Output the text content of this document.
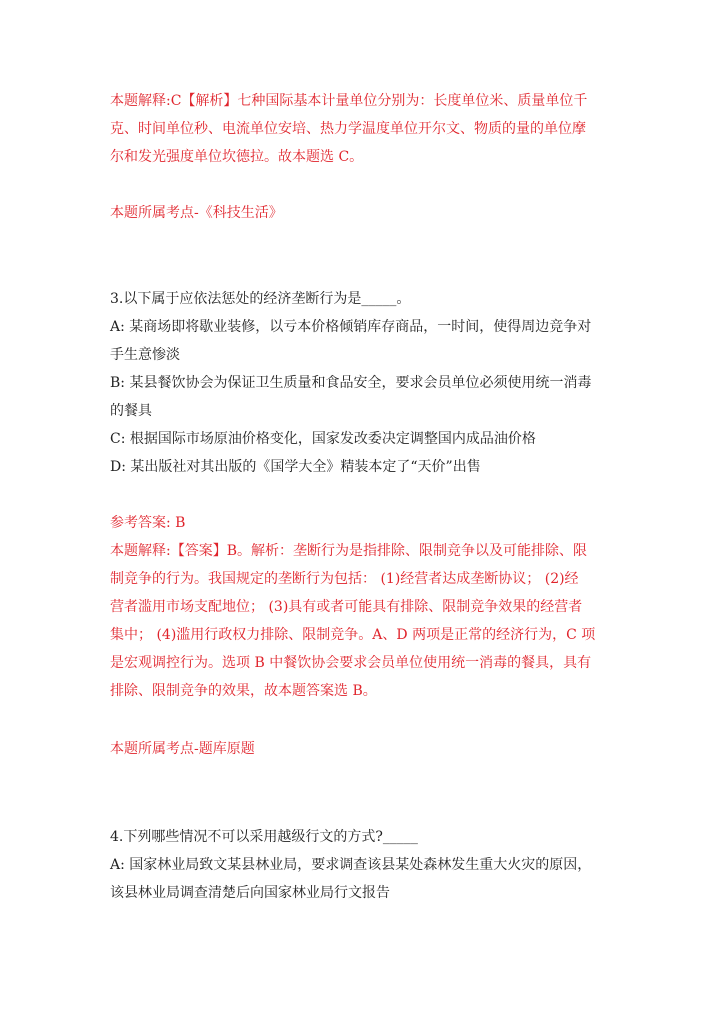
本题解释:C【解析】七种国际基本计量单位分别为：长度单位米、质量单位千
克、时间单位秒、电流单位安培、热力学温度单位开尔文、物质的量的单位摩
尔和发光强度单位坎德拉。故本题选 C。
本题所属考点-《科技生活》
3.以下属于应依法惩处的经济垄断行为是_____。
A: 某商场即将歇业装修，以亏本价格倾销库存商品，一时间，使得周边竞争对
手生意惨淡
B: 某县餐饮协会为保证卫生质量和食品安全，要求会员单位必须使用统一消毒
的餐具
C: 根据国际市场原油价格变化，国家发改委决定调整国内成品油价格
D: 某出版社对其出版的《国学大全》精装本定了“天价”出售
参考答案: B
本题解释:【答案】B。解析：垄断行为是指排除、限制竞争以及可能排除、限
制竞争的行为。我国规定的垄断行为包括： (1)经营者达成垄断协议； (2)经
营者滥用市场支配地位； (3)具有或者可能具有排除、限制竞争效果的经营者
集中； (4)滥用行政权力排除、限制竞争。A、D 两项是正常的经济行为，C 项
是宏观调控行为。选项 B 中餐饮协会要求会员单位使用统一消毒的餐具，具有
排除、限制竞争的效果，故本题答案选 B。
本题所属考点-题库原题
4.下列哪些情况不可以采用越级行文的方式?_____
A: 国家林业局致文某县林业局，要求调查该县某处森林发生重大火灾的原因，
该县林业局调查清楚后向国家林业局行文报告
